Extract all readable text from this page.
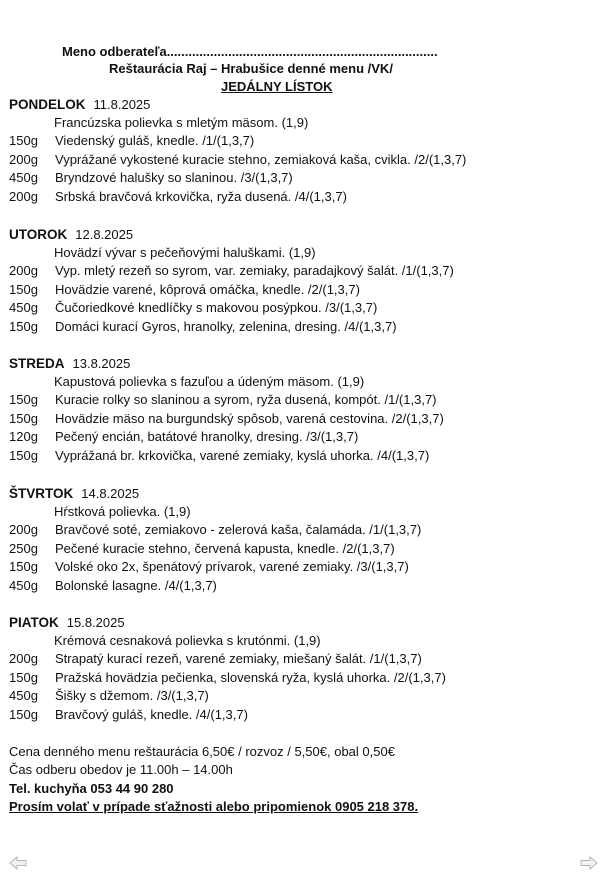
Meno odberateľa...........................................................................
Reštaurácia Raj – Hrabušice denné menu /VK/
JEDÁLNY LÍSTOK
PONDELOK 11.8.2025
Francúzska polievka s mletým mäsom. (1,9)
150g	Viedenský guláš, knedle. /1/(1,3,7)
200g	Vyprážané vykostené kuracie stehno, zemiaková kaša, cvikla. /2/(1,3,7)
450g	Bryndzové halušky so slaninou. /3/(1,3,7)
200g	Srbská bravčová krkovička, ryža dusená. /4/(1,3,7)
UTOROK 12.8.2025
Hovädzí vývar s pečeňovými haluškami. (1,9)
200g	Vyp. mletý rezeň so syrom, var. zemiaky, paradajkový šalát. /1/(1,3,7)
150g	Hovädzie varené, kôprová omáčka, knedle. /2/(1,3,7)
450g	Čučoriedkové knedlíčky s makovou posýpkou. /3/(1,3,7)
150g	Domáci kurací Gyros, hranolky, zelenina, dresing. /4/(1,3,7)
STREDA 13.8.2025
Kapustová polievka s fazuľou a údeným mäsom. (1,9)
150g	Kuracie rolky so slaninou a syrom, ryža dusená, kompót. /1/(1,3,7)
150g	Hovädzie mäso na burgundský spôsob, varená cestovina. /2/(1,3,7)
120g	Pečený encián, batátové hranolky, dresing. /3/(1,3,7)
150g	Vyprážaná br. krkovička, varené zemiaky, kyslá uhorka. /4/(1,3,7)
ŠTVRTOK 14.8.2025
Hŕstková polievka. (1,9)
200g	Bravčové soté, zemiakovo - zelerová kaša, čalamáda. /1/(1,3,7)
250g	Pečené kuracie stehno, červená kapusta, knedle. /2/(1,3,7)
150g	Volské oko 2x, špenátový prívarok, varené zemiaky. /3/(1,3,7)
450g	Bolonské lasagne. /4/(1,3,7)
PIATOK 15.8.2025
Krémová cesnaková polievka s krutónmi. (1,9)
200g	Strapatý kurací rezeň, varené zemiaky, miešaný šalát. /1/(1,3,7)
150g	Pražská hovädzia pečienka, slovenská ryža, kyslá uhorka. /2/(1,3,7)
450g	Šišky s džemom. /3/(1,3,7)
150g	Bravčový guláš, knedle. /4/(1,3,7)
Cena denného menu reštaurácia 6,50€ / rozvoz / 5,50€, obal 0,50€
Čas odberu obedov je 11.00h – 14.00h
Tel. kuchyňa 053 44 90 280
Prosím volať v prípade sťažnosti alebo pripomienok 0905 218 378.
